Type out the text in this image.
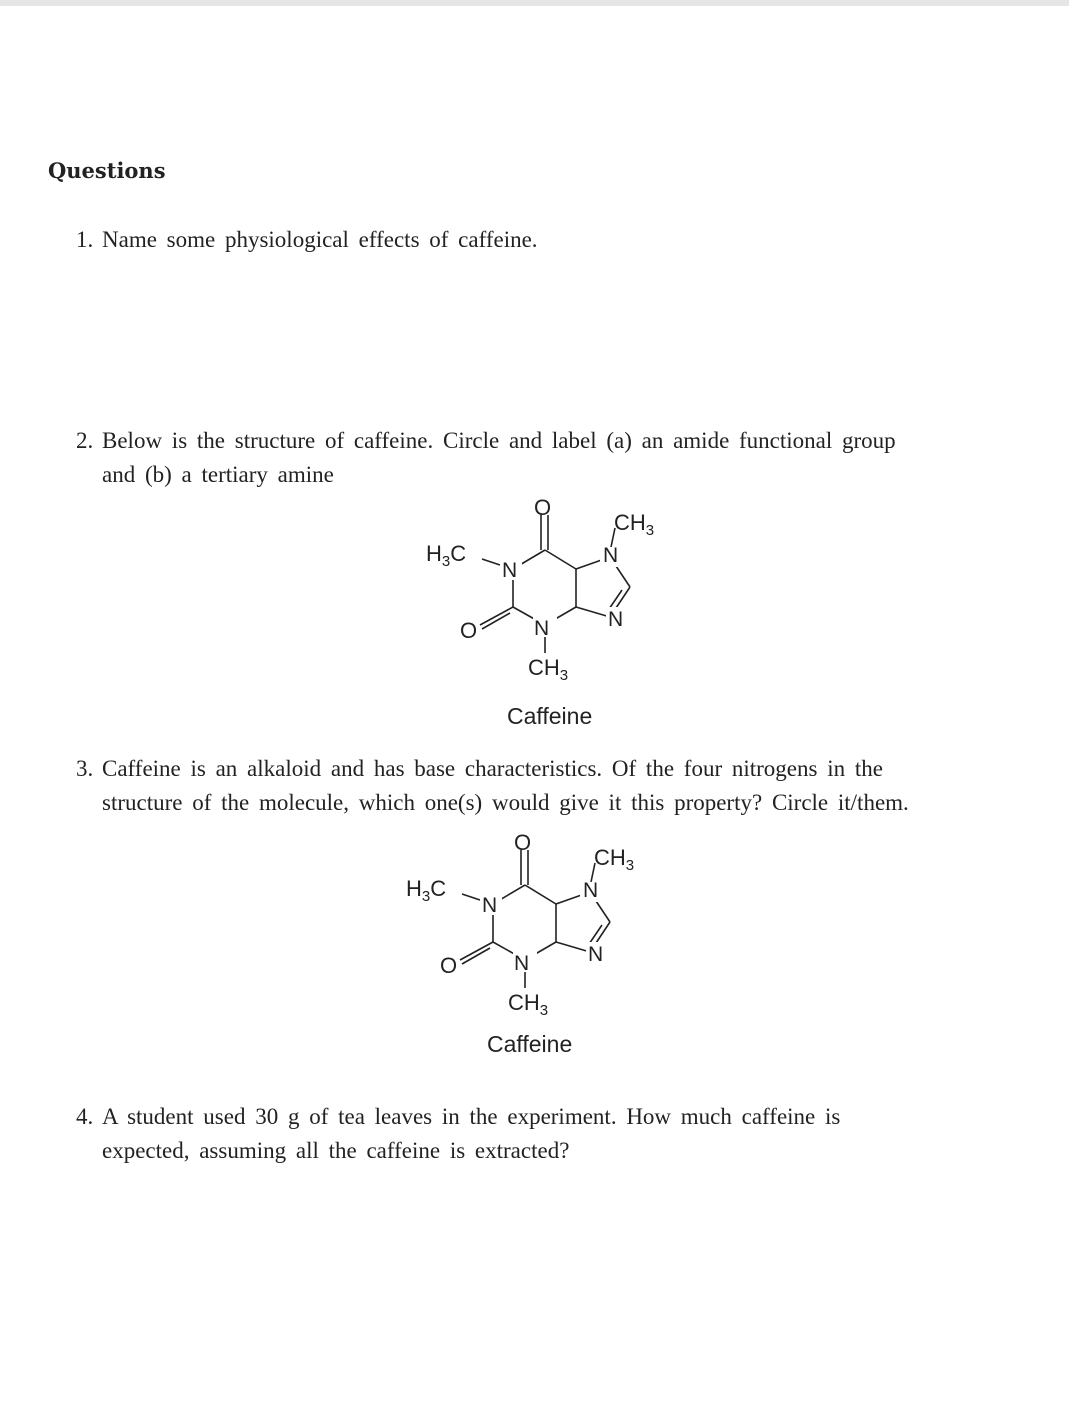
Questions
1. Name some physiological effects of caffeine.
2. Below is the structure of caffeine. Circle and label (a) an amide functional group
and (b) a tertiary amine
O
O
N
N
N	N
$H_3C$
$CH_3$
$CH_3$
Caffeine
3. Caffeine is an alkaloid and has base characteristics. Of the four nitrogens in the
structure of the molecule, which one(s) would give it this property? Circle it/them.
O
O
N
N
N	N
$H_3C$
$CH_3$
$CH_3$
Caffeine
4. A student used 30 g of tea leaves in the experiment. How much caffeine is
expected, assuming all the caffeine is extracted?
